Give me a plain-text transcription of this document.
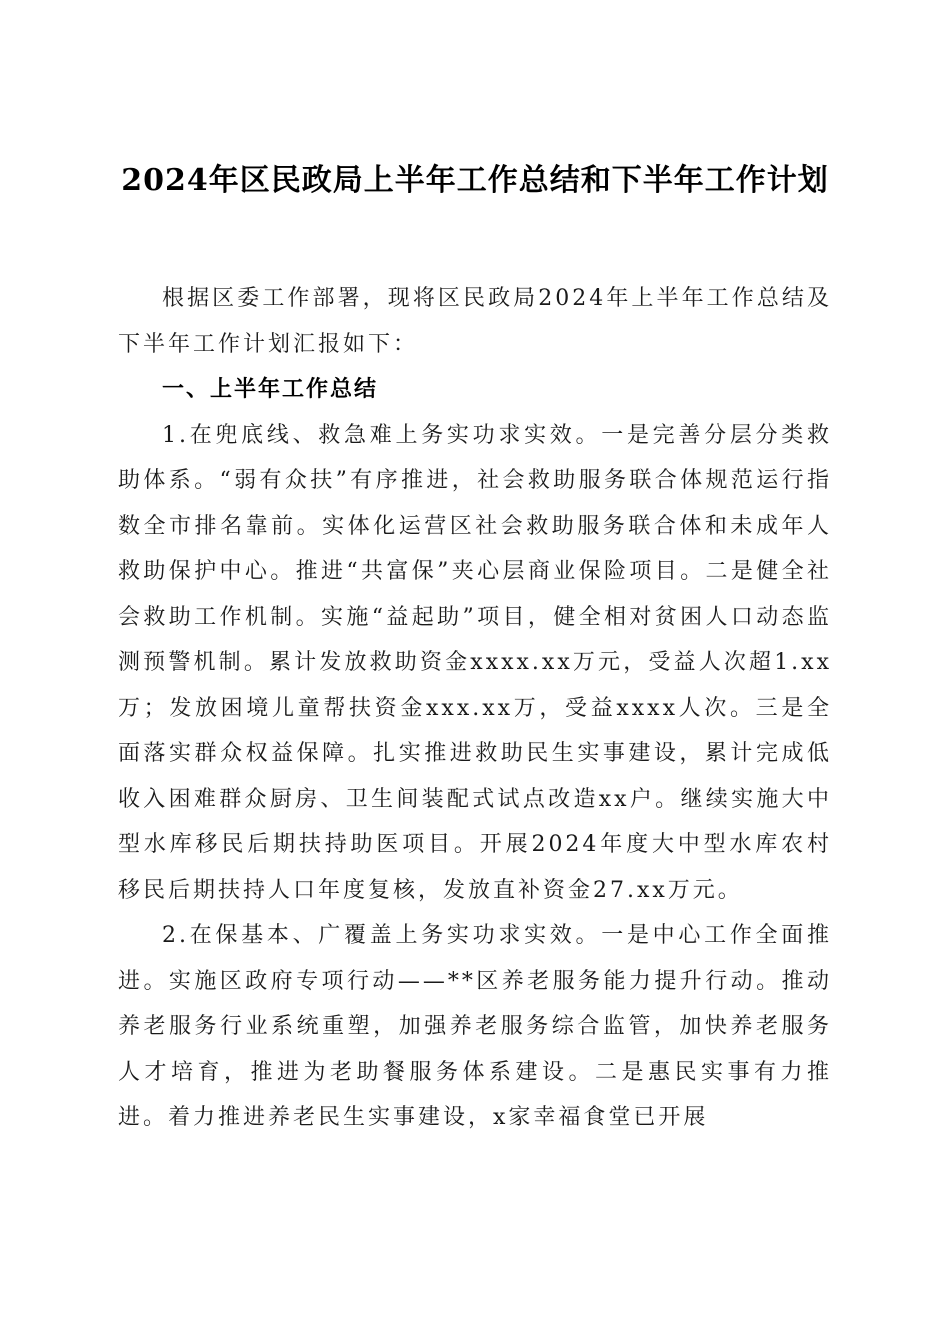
2024年区民政局上半年工作总结和下半年工作计划

根据区委工作部署，现将区民政局2024年上半年工作总结及下半年工作计划汇报如下：

一、上半年工作总结

1.在兜底线、救急难上务实功求实效。一是完善分层分类救助体系。“弱有众扶”有序推进，社会救助服务联合体规范运行指数全市排名靠前。实体化运营区社会救助服务联合体和未成年人救助保护中心。推进“共富保”夹心层商业保险项目。二是健全社会救助工作机制。实施“益起助”项目，健全相对贫困人口动态监测预警机制。累计发放救助资金xxxx.xx万元，受益人次超1.xx万；发放困境儿童帮扶资金xxx.xx万，受益xxxx人次。三是全面落实群众权益保障。扎实推进救助民生实事建设，累计完成低收入困难群众厨房、卫生间装配式试点改造xx户。继续实施大中型水库移民后期扶持助医项目。开展2024年度大中型水库农村移民后期扶持人口年度复核，发放直补资金27.xx万元。

2.在保基本、广覆盖上务实功求实效。一是中心工作全面推进。实施区政府专项行动——**区养老服务能力提升行动。推动养老服务行业系统重塑，加强养老服务综合监管，加快养老服务人才培育，推进为老助餐服务体系建设。二是惠民实事有力推进。着力推进养老民生实事建设，x家幸福食堂已开展
